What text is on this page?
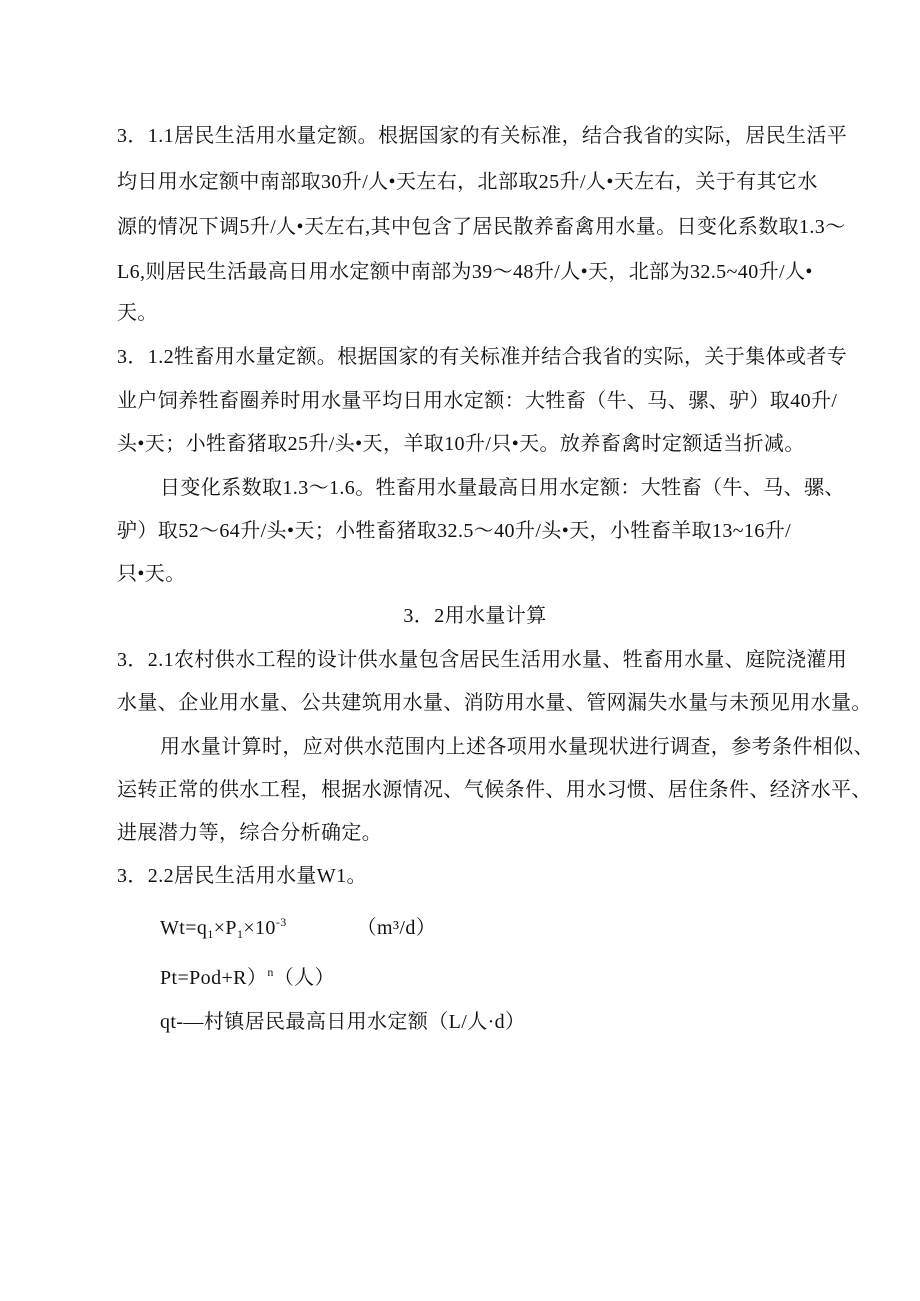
3．1.1居民生活用水量定额。根据国家的有关标准，结合我省的实际，居民生活平
均日用水定额中南部取30升/人•天左右，北部取25升/人•天左右，关于有其它水
源的情况下调5升/人•天左右,其中包含了居民散养畜禽用水量。日变化系数取1.3～
L6,则居民生活最高日用水定额中南部为39～48升/人•天，北部为32.5~40升/人•
天。
3．1.2牲畜用水量定额。根据国家的有关标准并结合我省的实际，关于集体或者专
业户饲养牲畜圈养时用水量平均日用水定额：大牲畜（牛、马、骡、驴）取40升/
头•天；小牲畜猪取25升/头•天，羊取10升/只•天。放养畜禽时定额适当折减。
日变化系数取1.3～1.6。牲畜用水量最高日用水定额：大牲畜（牛、马、骡、
驴）取52～64升/头•天；小牲畜猪取32.5～40升/头•天，小牲畜羊取13~16升/
只•天。
3．2用水量计算
3．2.1农村供水工程的设计供水量包含居民生活用水量、牲畜用水量、庭院浇灌用
水量、企业用水量、公共建筑用水量、消防用水量、管网漏失水量与未预见用水量。
用水量计算时，应对供水范围内上述各项用水量现状进行调查，参考条件相似、
运转正常的供水工程，根据水源情况、气候条件、用水习惯、居住条件、经济水平、
进展潜力等，综合分析确定。
3．2.2居民生活用水量W1。
$Wt=q_1\times P_1\times 10^{-3}$	（m³/d）
Pt=Pod+R）$^n$（人）
qt-—村镇居民最高日用水定额（L/人·d）
